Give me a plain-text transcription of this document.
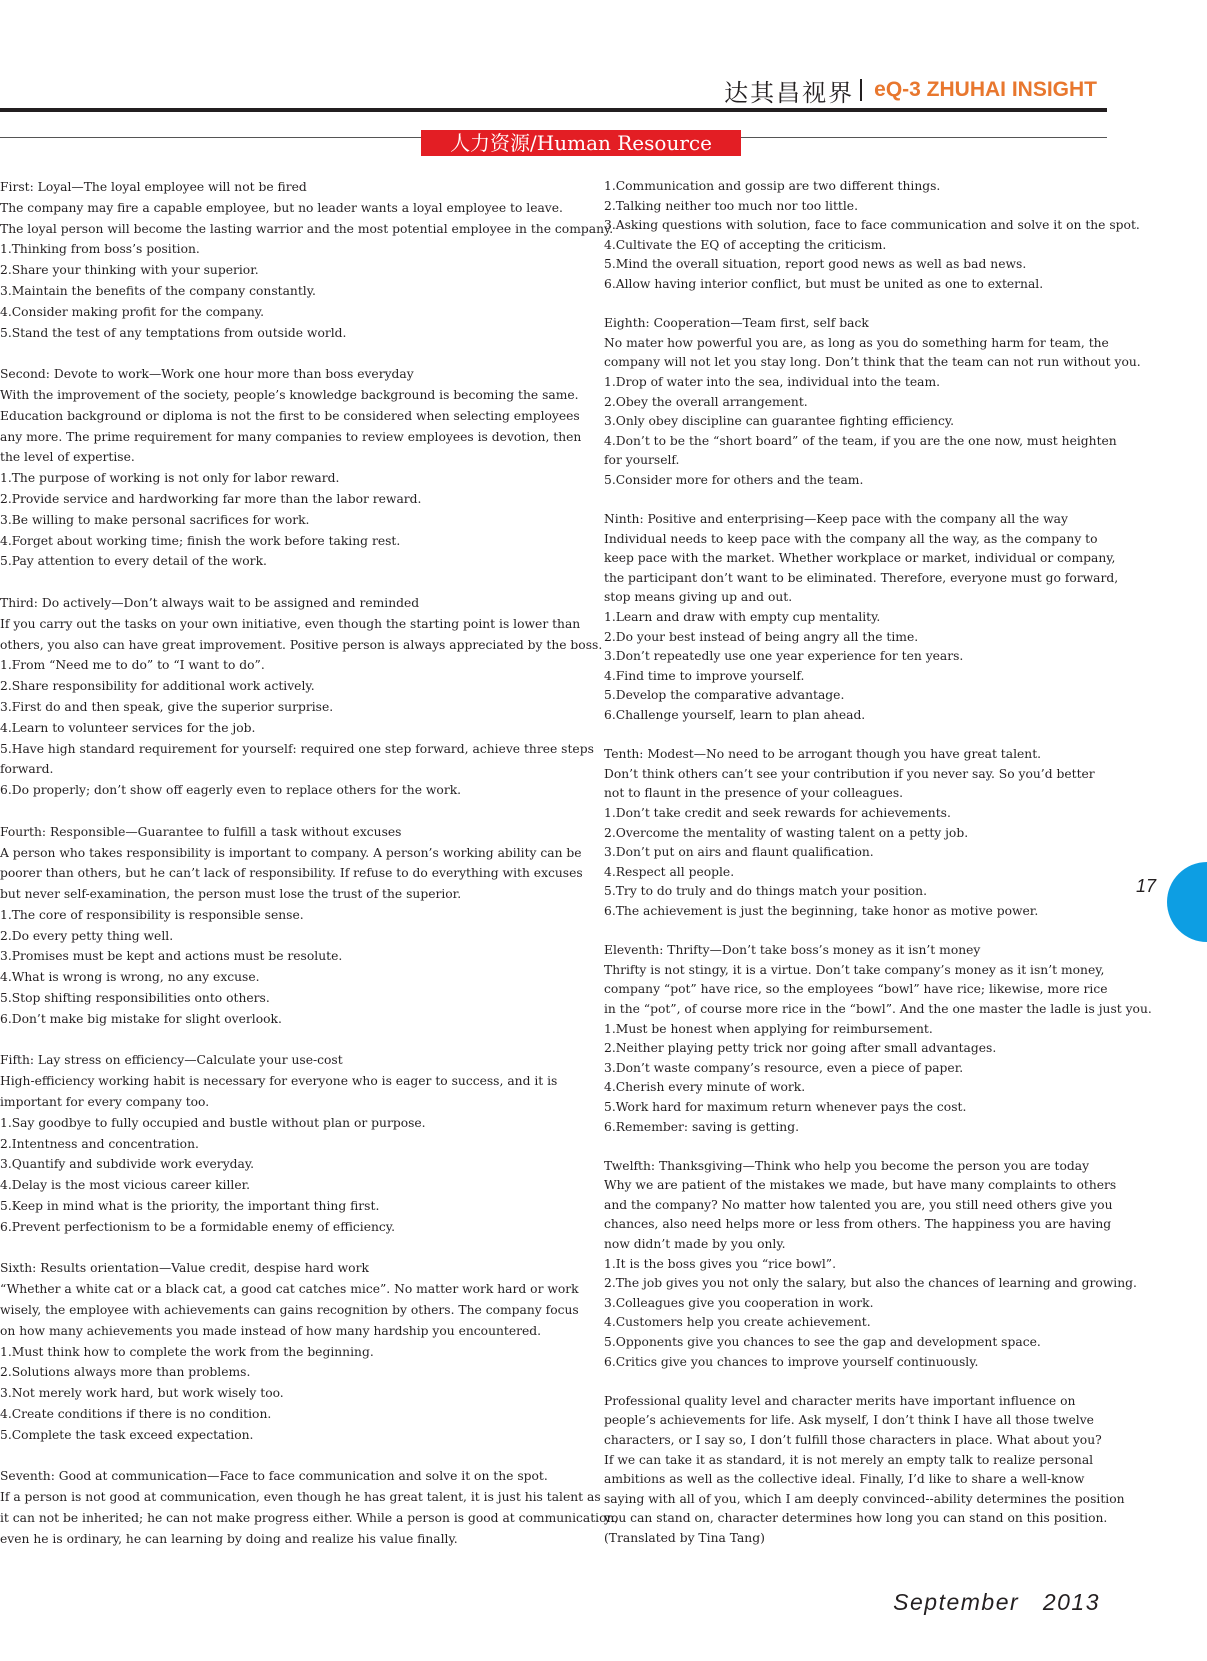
达其昌视界 eQ-3 ZHUHAI INSIGHT
人力资源/Human Resource
First: Loyal—The loyal employee will not be fired
The company may fire a capable employee, but no leader wants a loyal employee to leave.
The loyal person will become the lasting warrior and the most potential employee in the company.
1.Thinking from boss’s position.
2.Share your thinking with your superior.
3.Maintain the benefits of the company constantly.
4.Consider making profit for the company.
5.Stand the test of any temptations from outside world.
Second: Devote to work—Work one hour more than boss everyday
With the improvement of the society, people’s knowledge background is becoming the same.
Education background or diploma is not the first to be considered when selecting employees
any more. The prime requirement for many companies to review employees is devotion, then
the level of expertise.
1.The purpose of working is not only for labor reward.
2.Provide service and hardworking far more than the labor reward.
3.Be willing to make personal sacrifices for work.
4.Forget about working time; finish the work before taking rest.
5.Pay attention to every detail of the work.
Third: Do actively—Don’t always wait to be assigned and reminded
If you carry out the tasks on your own initiative, even though the starting point is lower than
others, you also can have great improvement. Positive person is always appreciated by the boss.
1.From “Need me to do” to “I want to do”.
2.Share responsibility for additional work actively.
3.First do and then speak, give the superior surprise.
4.Learn to volunteer services for the job.
5.Have high standard requirement for yourself: required one step forward, achieve three steps
forward.
6.Do properly; don’t show off eagerly even to replace others for the work.
Fourth: Responsible—Guarantee to fulfill a task without excuses
A person who takes responsibility is important to company. A person’s working ability can be
poorer than others, but he can’t lack of responsibility. If refuse to do everything with excuses
but never self-examination, the person must lose the trust of the superior.
1.The core of responsibility is responsible sense.
2.Do every petty thing well.
3.Promises must be kept and actions must be resolute.
4.What is wrong is wrong, no any excuse.
5.Stop shifting responsibilities onto others.
6.Don’t make big mistake for slight overlook.
Fifth: Lay stress on efficiency—Calculate your use-cost
High-efficiency working habit is necessary for everyone who is eager to success, and it is
important for every company too.
1.Say goodbye to fully occupied and bustle without plan or purpose.
2.Intentness and concentration.
3.Quantify and subdivide work everyday.
4.Delay is the most vicious career killer.
5.Keep in mind what is the priority, the important thing first.
6.Prevent perfectionism to be a formidable enemy of efficiency.
Sixth: Results orientation—Value credit, despise hard work
“Whether a white cat or a black cat, a good cat catches mice”. No matter work hard or work
wisely, the employee with achievements can gains recognition by others. The company focus
on how many achievements you made instead of how many hardship you encountered.
1.Must think how to complete the work from the beginning.
2.Solutions always more than problems.
3.Not merely work hard, but work wisely too.
4.Create conditions if there is no condition.
5.Complete the task exceed expectation.
Seventh: Good at communication—Face to face communication and solve it on the spot.
If a person is not good at communication, even though he has great talent, it is just his talent as
it can not be inherited; he can not make progress either. While a person is good at communication,
even he is ordinary, he can learning by doing and realize his value finally.
1.Communication and gossip are two different things.
2.Talking neither too much nor too little.
3.Asking questions with solution, face to face communication and solve it on the spot.
4.Cultivate the EQ of accepting the criticism.
5.Mind the overall situation, report good news as well as bad news.
6.Allow having interior conflict, but must be united as one to external.
Eighth: Cooperation—Team first, self back
No mater how powerful you are, as long as you do something harm for team, the
company will not let you stay long. Don’t think that the team can not run without you.
1.Drop of water into the sea, individual into the team.
2.Obey the overall arrangement.
3.Only obey discipline can guarantee fighting efficiency.
4.Don’t to be the “short board” of the team, if you are the one now, must heighten
for yourself.
5.Consider more for others and the team.
Ninth: Positive and enterprising—Keep pace with the company all the way
Individual needs to keep pace with the company all the way, as the company to
keep pace with the market. Whether workplace or market, individual or company,
the participant don’t want to be eliminated. Therefore, everyone must go forward,
stop means giving up and out.
1.Learn and draw with empty cup mentality.
2.Do your best instead of being angry all the time.
3.Don’t repeatedly use one year experience for ten years.
4.Find time to improve yourself.
5.Develop the comparative advantage.
6.Challenge yourself, learn to plan ahead.
Tenth: Modest—No need to be arrogant though you have great talent.
Don’t think others can’t see your contribution if you never say. So you’d better
not to flaunt in the presence of your colleagues.
1.Don’t take credit and seek rewards for achievements.
2.Overcome the mentality of wasting talent on a petty job.
3.Don’t put on airs and flaunt qualification.
4.Respect all people.
5.Try to do truly and do things match your position.
6.The achievement is just the beginning, take honor as motive power.
Eleventh: Thrifty—Don’t take boss’s money as it isn’t money
Thrifty is not stingy, it is a virtue. Don’t take company’s money as it isn’t money,
company “pot” have rice, so the employees “bowl” have rice; likewise, more rice
in the “pot”, of course more rice in the “bowl”. And the one master the ladle is just you.
1.Must be honest when applying for reimbursement.
2.Neither playing petty trick nor going after small advantages.
3.Don’t waste company’s resource, even a piece of paper.
4.Cherish every minute of work.
5.Work hard for maximum return whenever pays the cost.
6.Remember: saving is getting.
Twelfth: Thanksgiving—Think who help you become the person you are today
Why we are patient of the mistakes we made, but have many complaints to others
and the company? No matter how talented you are, you still need others give you
chances, also need helps more or less from others. The happiness you are having
now didn’t made by you only.
1.It is the boss gives you “rice bowl”.
2.The job gives you not only the salary, but also the chances of learning and growing.
3.Colleagues give you cooperation in work.
4.Customers help you create achievement.
5.Opponents give you chances to see the gap and development space.
6.Critics give you chances to improve yourself continuously.
Professional quality level and character merits have important influence on
people’s achievements for life. Ask myself, I don’t think I have all those twelve
characters, or I say so, I don’t fulfill those characters in place. What about you?
If we can take it as standard, it is not merely an empty talk to realize personal
ambitions as well as the collective ideal. Finally, I’d like to share a well-know
saying with all of you, which I am deeply convinced--ability determines the position
you can stand on, character determines how long you can stand on this position.
(Translated by Tina Tang)
17
September   2013
